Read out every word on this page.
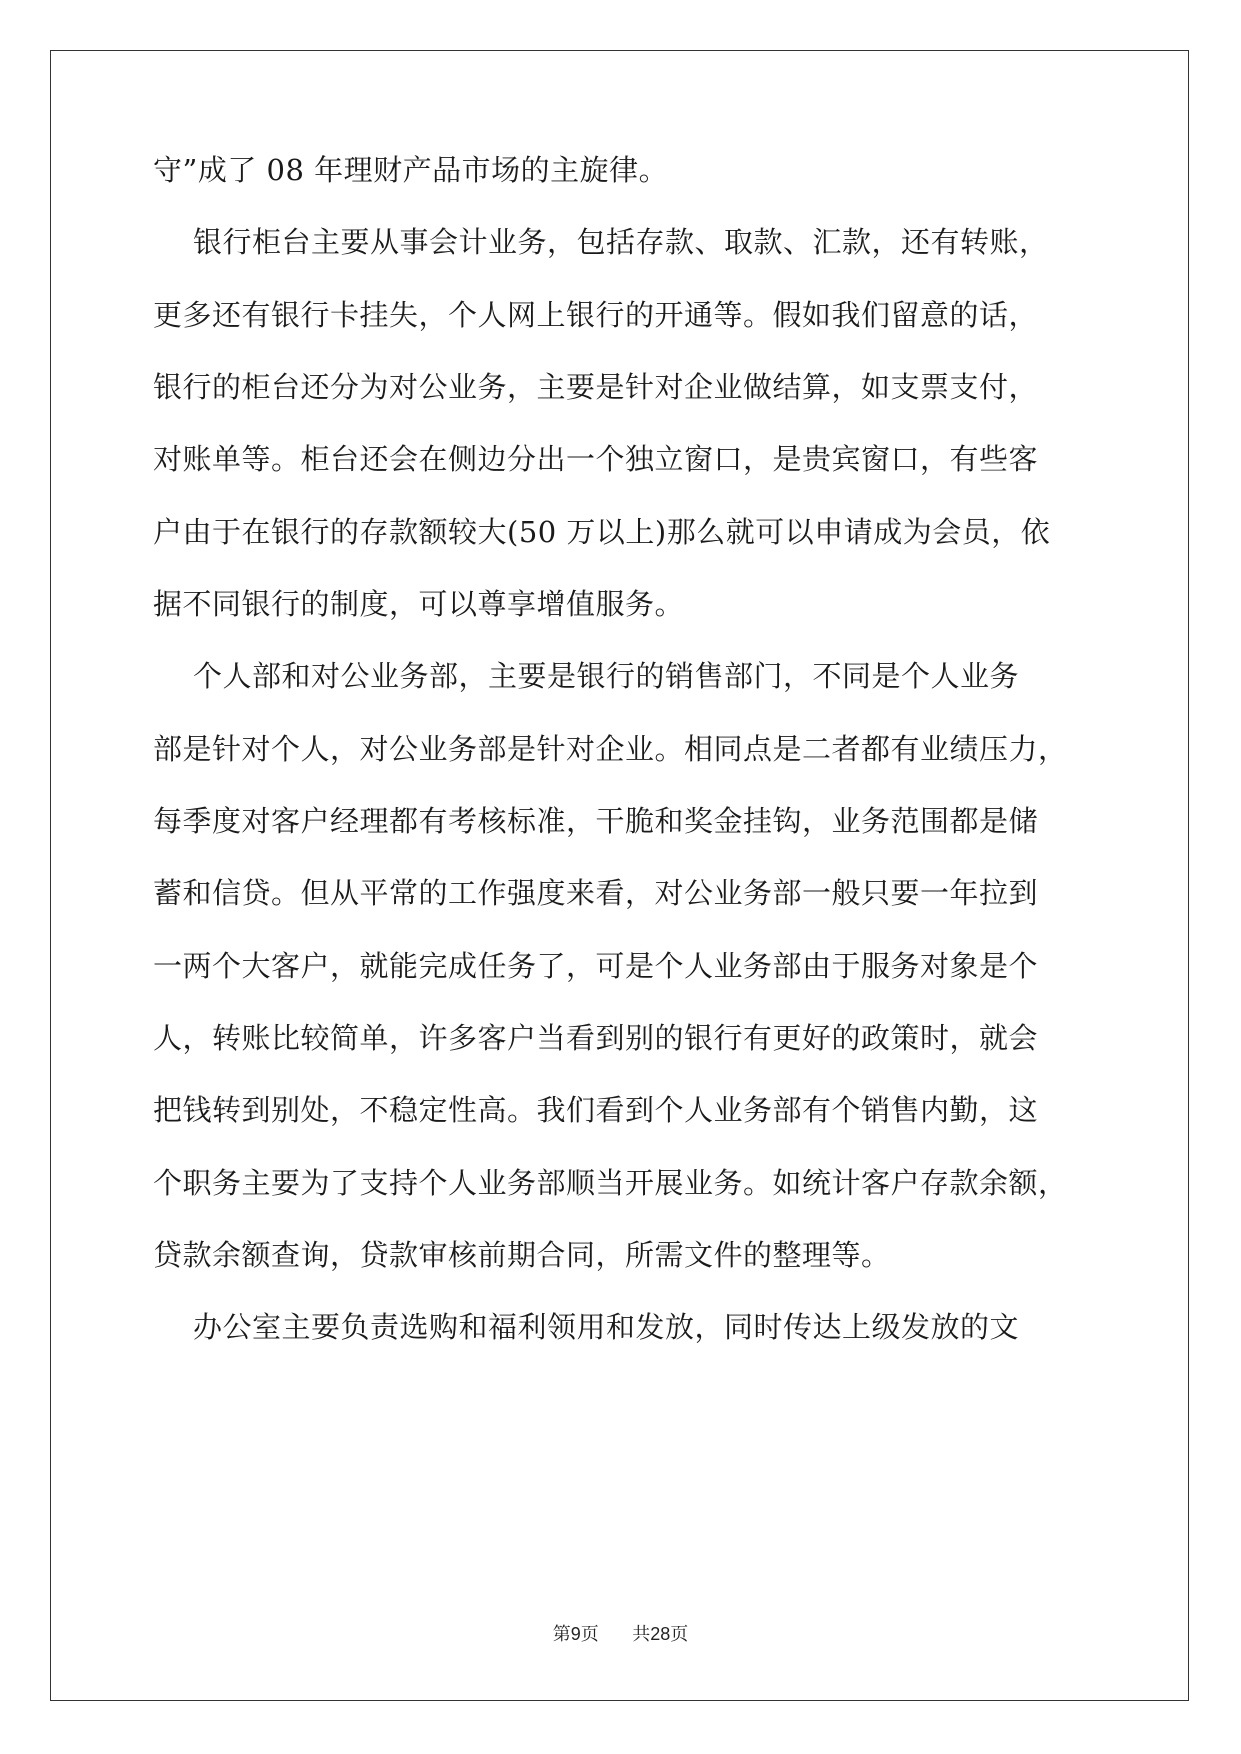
守”成了 08 年理财产品市场的主旋律。
银行柜台主要从事会计业务，包括存款、取款、汇款，还有转账，
更多还有银行卡挂失，个人网上银行的开通等。假如我们留意的话，
银行的柜台还分为对公业务，主要是针对企业做结算，如支票支付，
对账单等。柜台还会在侧边分出一个独立窗口，是贵宾窗口，有些客
户由于在银行的存款额较大(50 万以上)那么就可以申请成为会员，依
据不同银行的制度，可以尊享增值服务。
个人部和对公业务部，主要是银行的销售部门，不同是个人业务
部是针对个人，对公业务部是针对企业。相同点是二者都有业绩压力，
每季度对客户经理都有考核标准，干脆和奖金挂钩，业务范围都是储
蓄和信贷。但从平常的工作强度来看，对公业务部一般只要一年拉到
一两个大客户，就能完成任务了，可是个人业务部由于服务对象是个
人，转账比较简单，许多客户当看到别的银行有更好的政策时，就会
把钱转到别处，不稳定性高。我们看到个人业务部有个销售内勤，这
个职务主要为了支持个人业务部顺当开展业务。如统计客户存款余额，
贷款余额查询，贷款审核前期合同，所需文件的整理等。
办公室主要负责选购和福利领用和发放，同时传达上级发放的文
第9页 共28页
